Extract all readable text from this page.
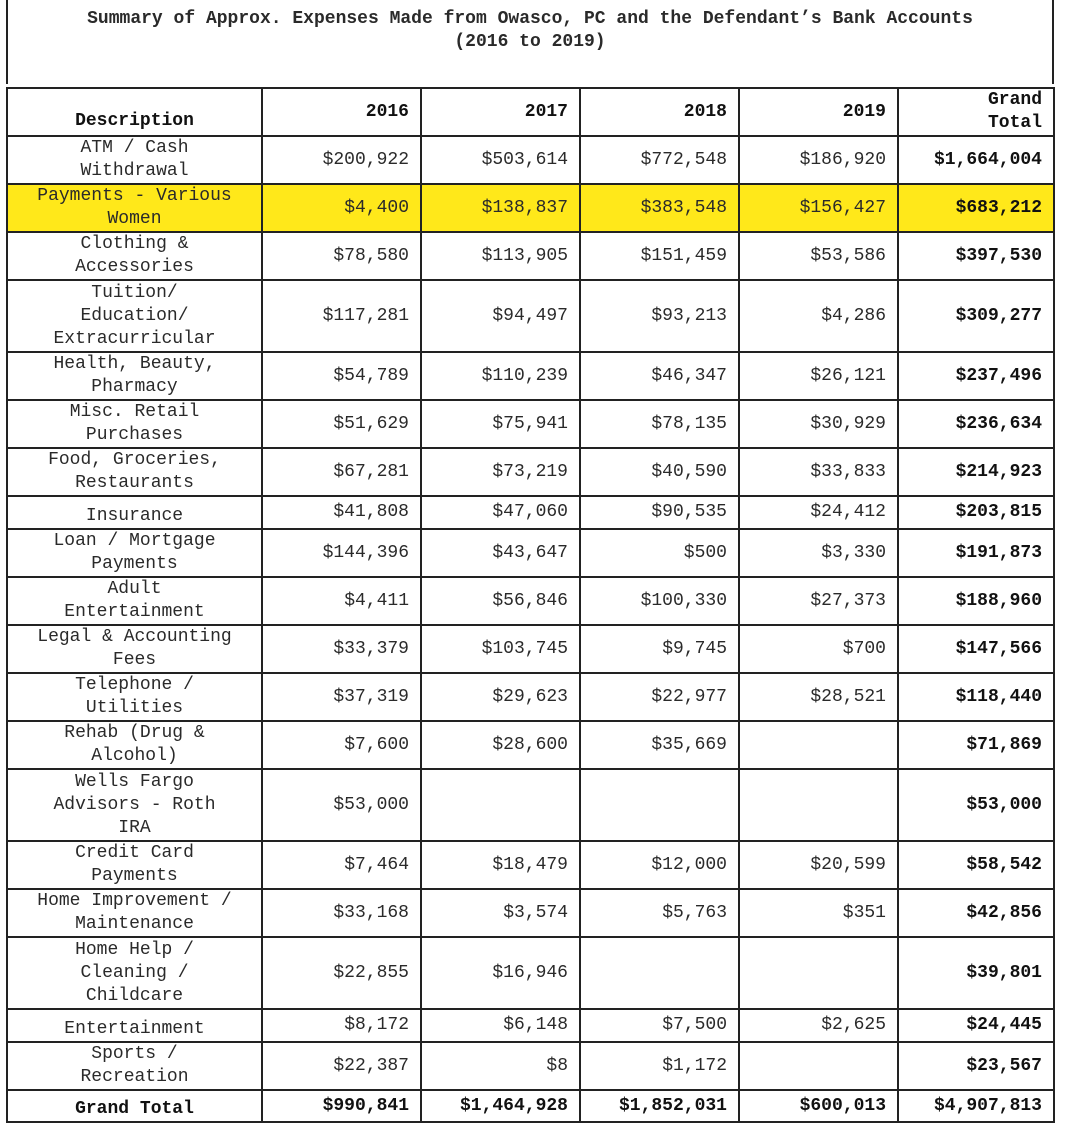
Summary of Approx. Expenses Made from Owasco, PC and the Defendant’s Bank Accounts
(2016 to 2019)
Description	2016	2017	2018	2019	Grand
Total

ATM / Cash
Withdrawal	$200,922	$503,614	$772,548	$186,920	$1,664,004

Payments - Various
Women	$4,400	$138,837	$383,548	$156,427	$683,212

Clothing &
Accessories	$78,580	$113,905	$151,459	$53,586	$397,530

Tuition/
Education/
Extracurricular	$117,281	$94,497	$93,213	$4,286	$309,277

Health, Beauty,
Pharmacy	$54,789	$110,239	$46,347	$26,121	$237,496

Misc. Retail
Purchases	$51,629	$75,941	$78,135	$30,929	$236,634

Food, Groceries,
Restaurants	$67,281	$73,219	$40,590	$33,833	$214,923

Insurance	$41,808	$47,060	$90,535	$24,412	$203,815

Loan / Mortgage
Payments	$144,396	$43,647	$500	$3,330	$191,873

Adult
Entertainment	$4,411	$56,846	$100,330	$27,373	$188,960

Legal & Accounting
Fees	$33,379	$103,745	$9,745	$700	$147,566

Telephone /
Utilities	$37,319	$29,623	$22,977	$28,521	$118,440

Rehab (Drug &
Alcohol)	$7,600	$28,600	$35,669		$71,869

Wells Fargo
Advisors - Roth
IRA	$53,000				$53,000

Credit Card
Payments	$7,464	$18,479	$12,000	$20,599	$58,542

Home Improvement /
Maintenance	$33,168	$3,574	$5,763	$351	$42,856

Home Help /
Cleaning /
Childcare	$22,855	$16,946			$39,801

Entertainment	$8,172	$6,148	$7,500	$2,625	$24,445

Sports /
Recreation	$22,387	$8	$1,172		$23,567
Grand Total	$990,841	$1,464,928	$1,852,031	$600,013	$4,907,813
